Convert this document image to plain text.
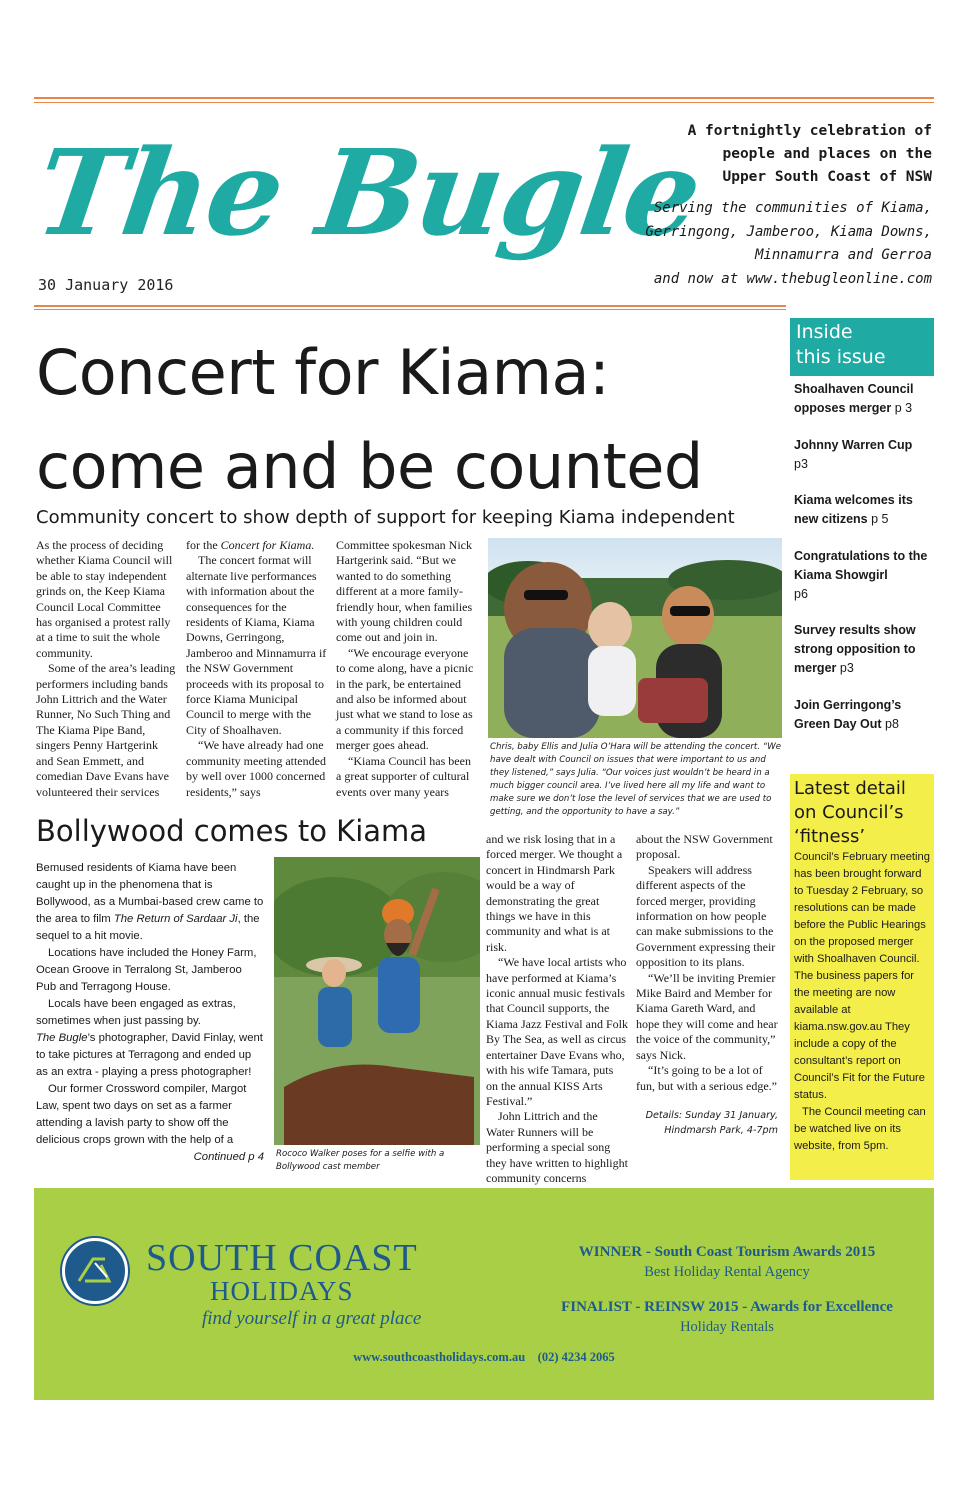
The Bugle
30 January 2016
A fortnightly celebration of
people and places on the
Upper South Coast of NSW
Serving the communities of Kiama,
Gerringong, Jamberoo, Kiama Downs,
Minnamurra and Gerroa
and now at www.thebugleonline.com
Concert for Kiama:
come and be counted
Community concert to show depth of support for keeping Kiama independent

As the process of deciding whether Kiama Council will be able to stay independent grinds on, the Keep Kiama Council Local Committee has organised a protest rally at a time to suit the whole community.

Some of the area’s leading performers including bands John Littrich and the Water Runner, No Such Thing and The Kiama Pipe Band, singers Penny Hartgerink and Sean Emmett, and comedian Dave Evans have volunteered their services

for the Concert for Kiama.

The concert format will alternate live performances with information about the consequences for the residents of Kiama, Kiama Downs, Gerringong, Jamberoo and Minnamurra if the NSW Government proceeds with its proposal to force Kiama Municipal Council to merge with the City of Shoalhaven.

“We have already had one community meeting attended by well over 1000 concerned residents,” says

Committee spokesman Nick Hartgerink said. “But we wanted to do something different at a more family-friendly hour, when families with young children could come out and join in.

“We encourage everyone to come along, have a picnic in the park, be entertained and also be informed about just what we stand to lose as a community if this forced merger goes ahead.

“Kiama Council has been a great supporter of cultural events over many years

Chris, baby Ellis and Julia O’Hara will be attending the concert. “We have dealt with Council on issues that were important to us and they listened,” says Julia. “Our voices just wouldn’t be heard in a much bigger council area. I’ve lived here all my life and want to make sure we don’t lose the level of services that we are used to getting, and the opportunity to have a say.”

and we risk losing that in a forced merger. We thought a concert in Hindmarsh Park would be a way of demonstrating the great things we have in this community and what is at risk.

“We have local artists who have performed at Kiama’s iconic annual music festivals that Council supports, the Kiama Jazz Festival and Folk By The Sea, as well as circus entertainer Dave Evans who, with his wife Tamara, puts on the annual KISS Arts Festival.”

John Littrich and the Water Runners will be performing a special song they have written to highlight community concerns

about the NSW Government proposal.

Speakers will address different aspects of the forced merger, providing information on how people can make submissions to the Government expressing their opposition to its plans.

“We’ll be inviting Premier Mike Baird and Member for Kiama Gareth Ward, and hope they will come and hear the voice of the community,” says Nick.

“It’s going to be a lot of fun, but with a serious edge.”

Details: Sunday 31 January,
Hindmarsh Park, 4-7pm
Bollywood comes to Kiama

Bemused residents of Kiama have been caught up in the phenomena that is Bollywood, as a Mumbai-based crew came to the area to film The Return of Sardaar Ji, the sequel to a hit movie.

Locations have included the Honey Farm, Ocean Groove in Terralong St, Jamberoo Pub and Terragong House.

Locals have been engaged as extras, sometimes when just passing by.

The Bugle’s photographer, David Finlay, went to take pictures at Terragong and ended up as an extra - playing a press photographer!

Our former Crossword compiler, Margot Law, spent two days on set as a farmer attending a lavish party to show off the delicious crops grown with the help of a

Continued p 4 Rococo Walker poses for a selfie with a Bollywood cast member
Inside
this issue
Shoalhaven Council opposes merger p 3
Johnny Warren Cup
p3
Kiama welcomes its new citizens p 5
Congratulations to the Kiama Showgirl
p6
Survey results show strong opposition to merger p3
Join Gerringong’s Green Day Out p8
Latest detail on Council’s ‘fitness’

Council’s February meeting has been brought forward to Tuesday 2 February, so resolutions can be made before the Public Hearings on the proposed merger with Shoalhaven Council. The business papers for the meeting are now available at kiama.nsw.gov.au They include a copy of the consultant’s report on Council’s Fit for the Future status.

The Council meeting can be watched live on its website, from 5pm.

SOUTH COAST
HOLIDAYS
find yourself in a great place
WINNER - South Coast Tourism Awards 2015
Best Holiday Rental Agency
FINALIST - REINSW 2015 - Awards for Excellence
Holiday Rentals
www.southcoastholidays.com.au (02) 4234 2065
